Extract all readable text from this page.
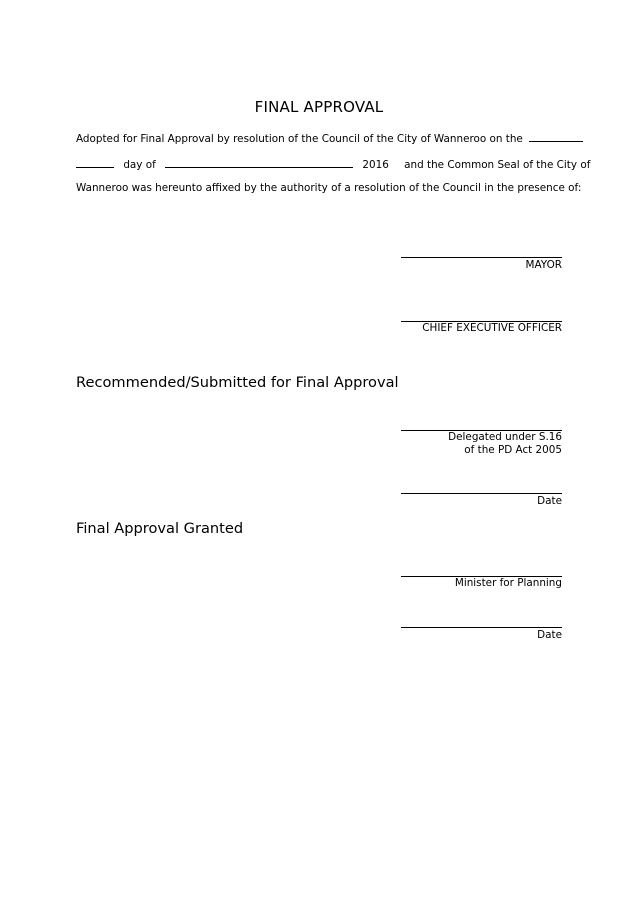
FINAL APPROVAL
Adopted for Final Approval by resolution of the Council of the City of Wanneroo on the
day of	2016 and the Common Seal of the City of
Wanneroo was hereunto affixed by the authority of a resolution of the Council in the presence of:
MAYOR
CHIEF EXECUTIVE OFFICER
Recommended/Submitted for Final Approval
Delegated under S.16
of the PD Act 2005
Date
Final Approval Granted
Minister for Planning
Date
